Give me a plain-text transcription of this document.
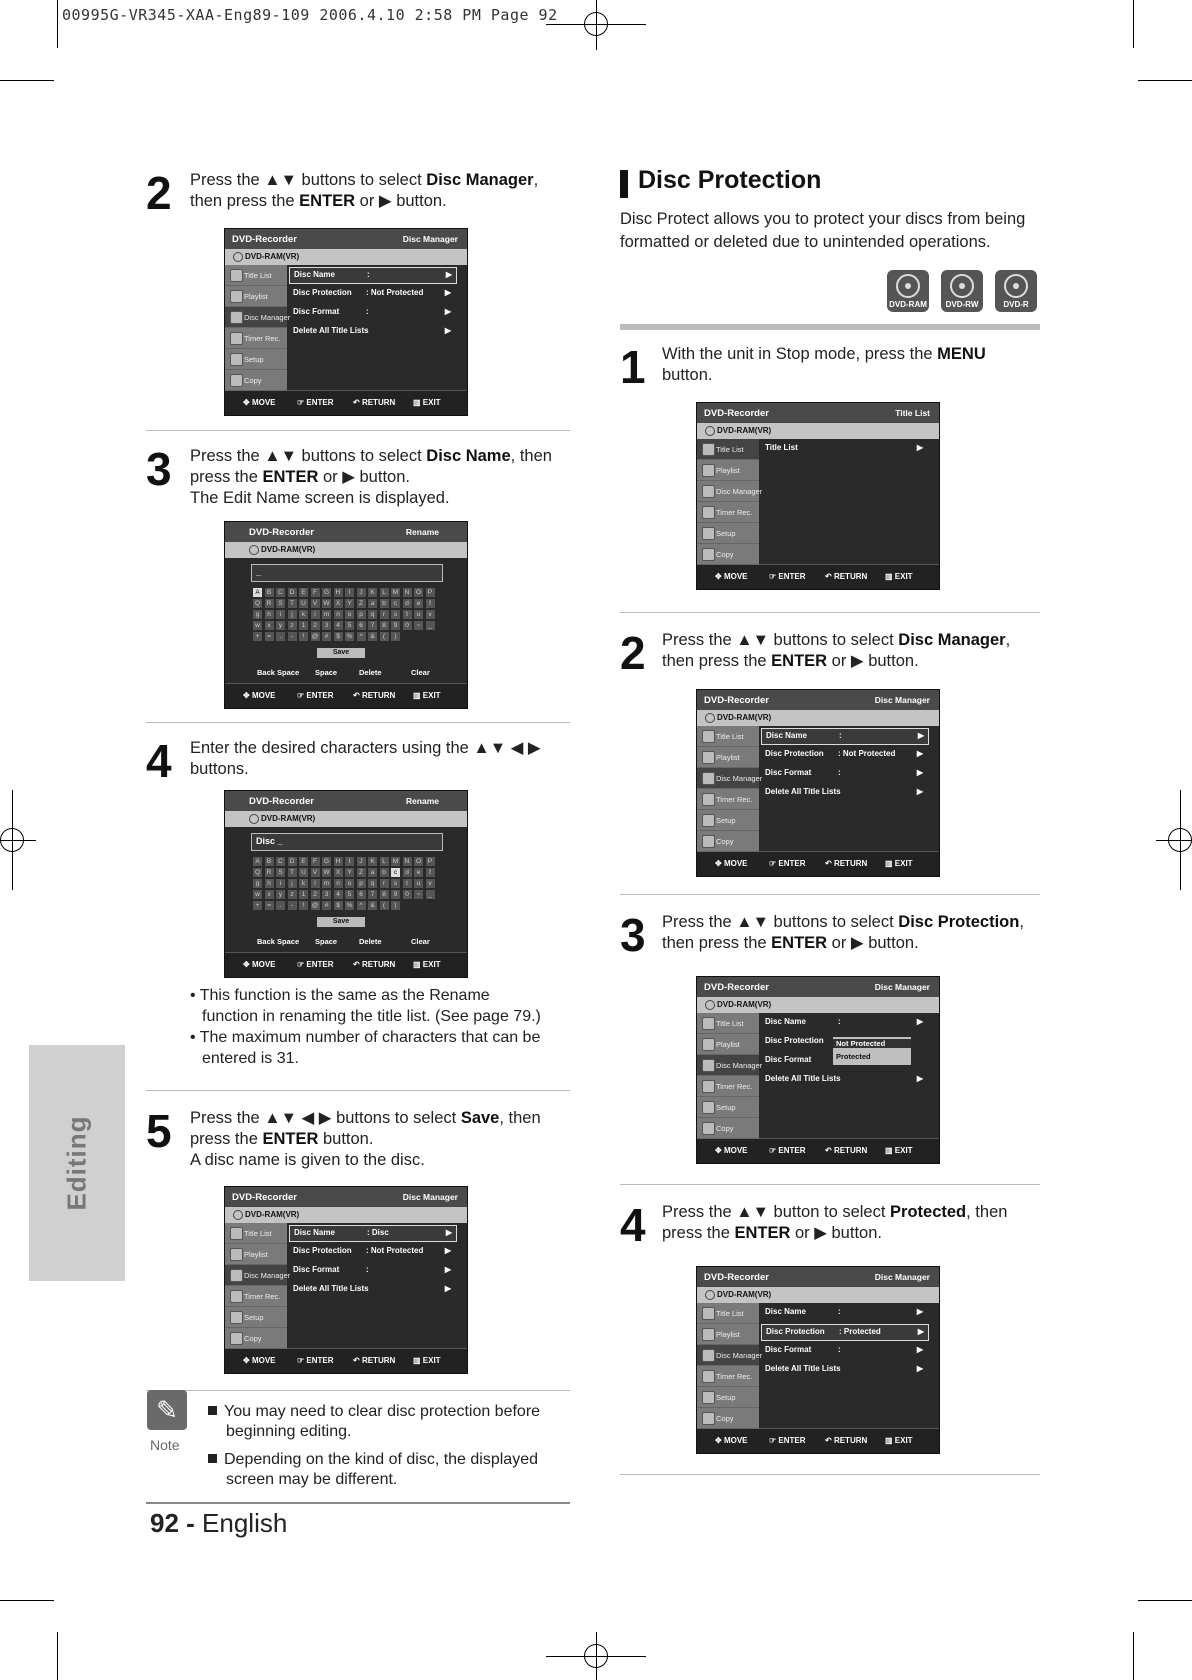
00995G-VR345-XAA-Eng89-109 2006.4.10 2:58 PM Page 92
Editing
2 Press the ▲▼ buttons to select Disc Manager,
then press the ENTER or ▶ button.
DVD-Recorder	Disc Manager
DVD-RAM(VR)
✥ MOVE	☞ ENTER ↶ RETURN ▥ EXIT
Title List
Playlist
Disc Manager
Timer Rec.
Setup
Copy
Disc Name	:	▶
Disc Protection : Not Protected	▶
Disc Format	:	▶
Delete All Title Lists	▶
3 Press the ▲▼ buttons to select Disc Name, then
press the ENTER or ▶ button.
The Edit Name screen is displayed.
DVD-Recorder	Rename
DVD-RAM(VR)
✥ MOVE	☞ ENTER ↶ RETURN ▥ EXIT
_
A	B	C	D	E	F	G	H	I	J	K	L	M N	O	P
Q	R	S	T	U	V W X	Y	Z	a	b	c	d	e	f
g	h	i	j	k	l	m	n	o	p	q	r	s	t	u	v
w	x	y	z	1	2	3	4	5	6	7	8	9	0	~	_
+	=	.	-	!	@ #	$	%	^	&	(	)
Save
Back Space Space	Delete	Clear
4 Enter the desired characters using the ▲▼ ◀ ▶
buttons.
DVD-Recorder	Rename
DVD-RAM(VR)
✥ MOVE	☞ ENTER ↶ RETURN ▥ EXIT
Disc _
A	B	C	D	E	F	G	H	I	J	K	L	M N	O	P
Q	R	S	T	U	V W X	Y	Z	a	b	c	d	e	f
g	h	i	j	k	l	m	n	o	p	q	r	s	t	u	v
w	x	y	z	1	2	3	4	5	6	7	8	9	0	~	_
+	=	.	-	!	@ #	$	%	^	&	(	)
Save
Back Space Space	Delete	Clear
• This function is the same as the Rename
function in renaming the title list. (See page 79.)
• The maximum number of characters that can be
entered is 31.
5 Press the ▲▼ ◀ ▶ buttons to select Save, then
press the ENTER button.
A disc name is given to the disc.
DVD-Recorder	Disc Manager
DVD-RAM(VR)
✥ MOVE	☞ ENTER ↶ RETURN ▥ EXIT
Title List
Playlist
Disc Manager
Timer Rec.
Setup
Copy
Disc Name	: Disc	▶
Disc Protection : Not Protected	▶
Disc Format	:	▶
Delete All Title Lists	▶
✎
Note
You may need to clear disc protection before
beginning editing.
Depending on the kind of disc, the displayed
screen may be different.
92 - English
Disc Protection
Disc Protect allows you to protect your discs from being
formatted or deleted due to unintended operations.
DVD-RAM	DVD-RW	DVD-R
1 With the unit in Stop mode, press the MENU
button.
DVD-Recorder	Title List
DVD-RAM(VR)
✥ MOVE	☞ ENTER ↶ RETURN ▥ EXIT
Title List
Playlist
Disc Manager
Timer Rec.
Setup
Copy
Title List	▶
2 Press the ▲▼ buttons to select Disc Manager,
then press the ENTER or ▶ button.
DVD-Recorder	Disc Manager
DVD-RAM(VR)
✥ MOVE	☞ ENTER ↶ RETURN ▥ EXIT
Title List
Playlist
Disc Manager
Timer Rec.
Setup
Copy
Disc Name	:	▶
Disc Protection : Not Protected	▶
Disc Format	:	▶
Delete All Title Lists	▶
3 Press the ▲▼ buttons to select Disc Protection,
then press the ENTER or ▶ button.
DVD-Recorder	Disc Manager
DVD-RAM(VR)
✥ MOVE	☞ ENTER ↶ RETURN ▥ EXIT
Title List
Playlist
Disc Manager
Timer Rec.
Setup
Copy
Disc Name	:	▶
Disc Protection
Disc Format
Delete All Title Lists	▶
Not Protected
Protected
4 Press the ▲▼ button to select Protected, then
press the ENTER or ▶ button.
DVD-Recorder	Disc Manager
DVD-RAM(VR)
✥ MOVE	☞ ENTER ↶ RETURN ▥ EXIT
Title List
Playlist
Disc Manager
Timer Rec.
Setup
Copy
Disc Name	:	▶
Disc Protection : Protected	▶
Disc Format	:	▶
Delete All Title Lists	▶
